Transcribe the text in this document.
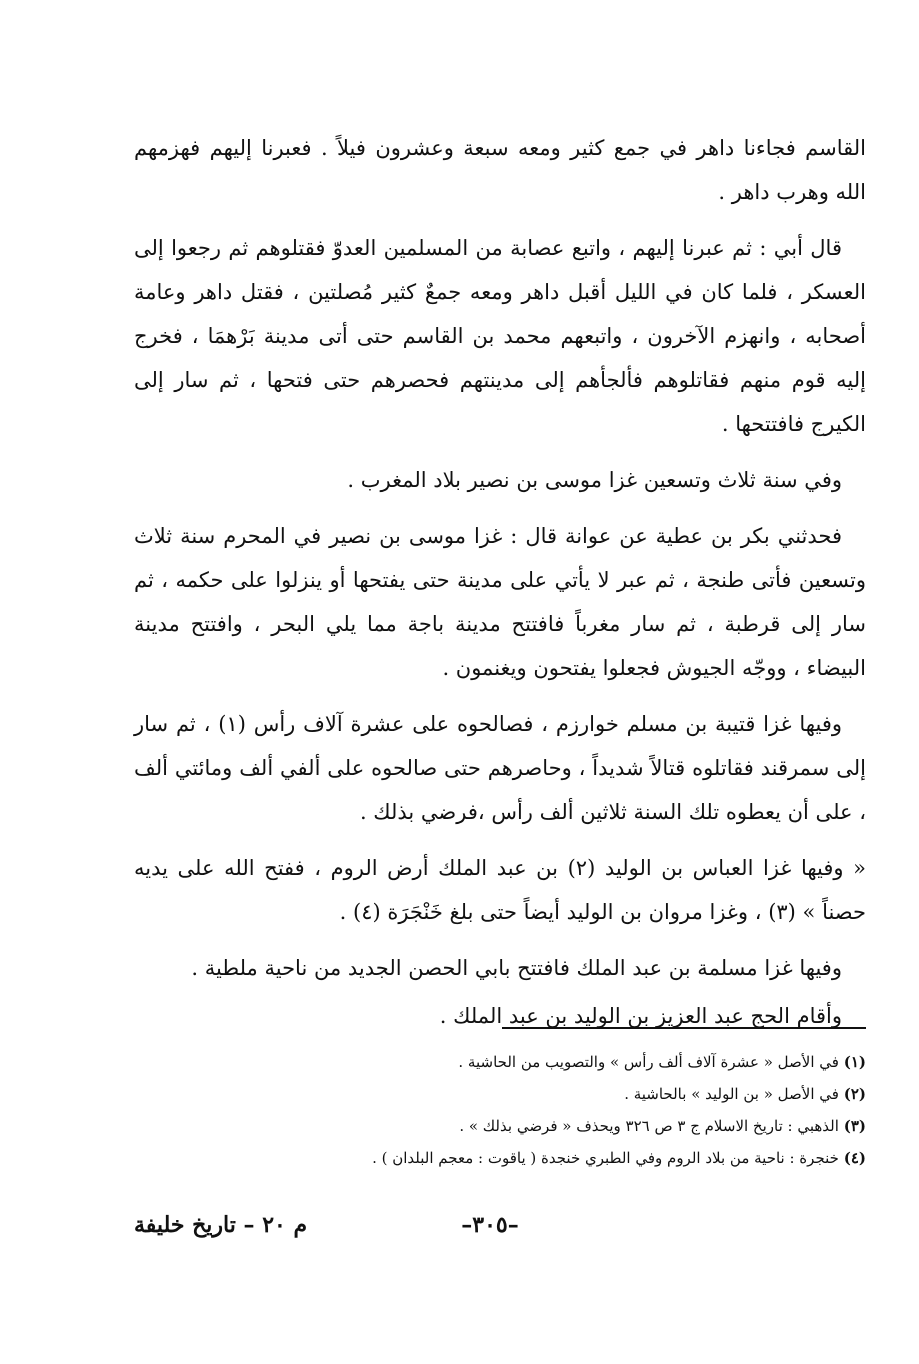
القاسم فجاءنا داهر في جمع كثير ومعه سبعة وعشرون فيلاً . فعبرنا إليهم فهزمهم الله وهرب داهر .

قال أبي : ثم عبرنا إليهم ، واتبع عصابة من المسلمين العدوّ فقتلوهم ثم رجعوا إلى العسكر ، فلما كان في الليل أقبل داهر ومعه جمعٌ كثير مُصلتين ، فقتل داهر وعامة أصحابه ، وانهزم الآخرون ، واتبعهم محمد بن القاسم حتى أتى مدينة بَرْهمَا ، فخرج إليه قوم منهم فقاتلوهم فألجأهم إلى مدينتهم فحصرهم حتى فتحها ، ثم سار إلى الكيرج فافتتحها .

وفي سنة ثلاث وتسعين غزا موسى بن نصير بلاد المغرب .

فحدثني بكر بن عطية عن عوانة قال : غزا موسى بن نصير في المحرم سنة ثلاث وتسعين فأتى طنجة ، ثم عبر لا يأتي على مدينة حتى يفتحها أو ينزلوا على حكمه ، ثم سار إلى قرطبة ، ثم سار مغرباً فافتتح مدينة باجة مما يلي البحر ، وافتتح مدينة البيضاء ، ووجّه الجيوش فجعلوا يفتحون ويغنمون .

وفيها غزا قتيبة بن مسلم خوارزم ، فصالحوه على عشرة آلاف رأس (١) ، ثم سار إلى سمرقند فقاتلوه قتالاً شديداً ، وحاصرهم حتى صالحوه على ألفي ألف ومائتي ألف ، على أن يعطوه تلك السنة ثلاثين ألف رأس ،فرضي بذلك .

« وفيها غزا العباس بن الوليد (٢) بن عبد الملك أرض الروم ، ففتح الله على يديه حصناً » (٣) ، وغزا مروان بن الوليد أيضاً حتى بلغ خَنْجَرَة (٤) .

وفيها غزا مسلمة بن عبد الملك فافتتح بابي الحصن الجديد من ناحية ملطية .

وأقام الحج عبد العزيز بن الوليد بن عبد الملك .

(١) في الأصل « عشرة آلاف ألف رأس » والتصويب من الحاشية .

(٢) في الأصل « بن الوليد » بالحاشية .

(٣) الذهبي : تاريخ الاسلام ج ٣ ص ٣٢٦ ويحذف « فرضي بذلك » .

(٤) خنجرة : ناحية من بلاد الروم وفي الطبري خنجدة ( ياقوت : معجم البلدان ) .

–٣٠٥–
م ٢٠ – تاريخ خليفة
